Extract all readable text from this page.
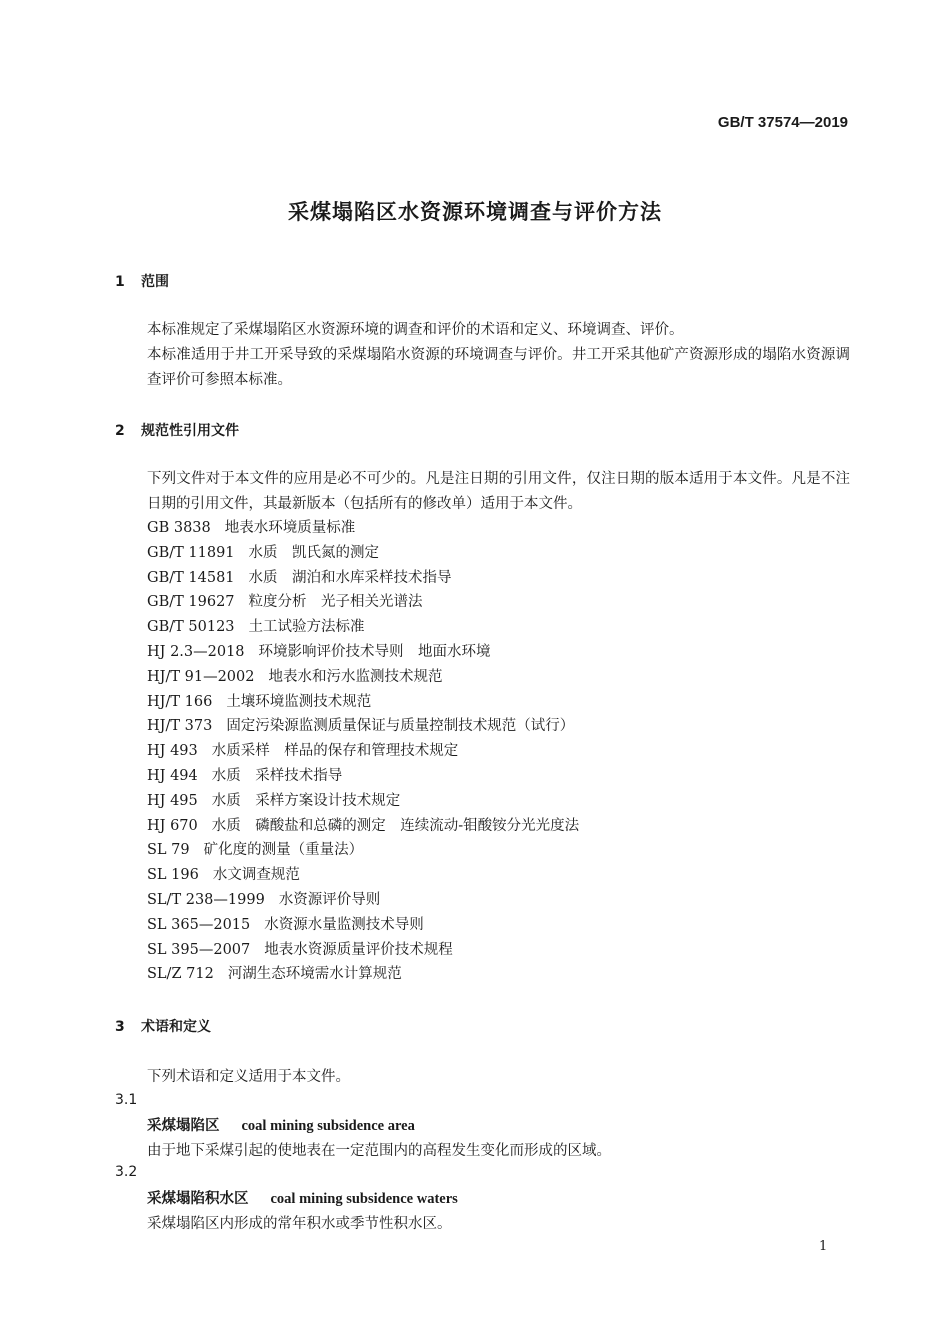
GB/T 37574—2019
采煤塌陷区水资源环境调查与评价方法
1 范围
本标准规定了采煤塌陷区水资源环境的调查和评价的术语和定义、环境调查、评价。
本标准适用于井工开采导致的采煤塌陷水资源的环境调查与评价。井工开采其他矿产资源形成的塌陷水资源调查评价可参照本标准。
2 规范性引用文件
下列文件对于本文件的应用是必不可少的。凡是注日期的引用文件，仅注日期的版本适用于本文件。凡是不注日期的引用文件，其最新版本（包括所有的修改单）适用于本文件。
GB 3838 地表水环境质量标准
GB/T 11891 水质　凯氏氮的测定
GB/T 14581 水质　湖泊和水库采样技术指导
GB/T 19627 粒度分析　光子相关光谱法
GB/T 50123 土工试验方法标准
HJ 2.3—2018 环境影响评价技术导则　地面水环境
HJ/T 91—2002 地表水和污水监测技术规范
HJ/T 166 土壤环境监测技术规范
HJ/T 373 固定污染源监测质量保证与质量控制技术规范（试行）
HJ 493 水质采样　样品的保存和管理技术规定
HJ 494 水质　采样技术指导
HJ 495 水质　采样方案设计技术规定
HJ 670 水质　磷酸盐和总磷的测定　连续流动-钼酸铵分光光度法
SL 79 矿化度的测量（重量法）
SL 196 水文调查规范
SL/T 238—1999 水资源评价导则
SL 365—2015 水资源水量监测技术导则
SL 395—2007 地表水资源质量评价技术规程
SL/Z 712 河湖生态环境需水计算规范
3 术语和定义
下列术语和定义适用于本文件。
3.1
采煤塌陷区 coal mining subsidence area
由于地下采煤引起的使地表在一定范围内的高程发生变化而形成的区域。
3.2
采煤塌陷积水区 coal mining subsidence waters
采煤塌陷区内形成的常年积水或季节性积水区。
1
